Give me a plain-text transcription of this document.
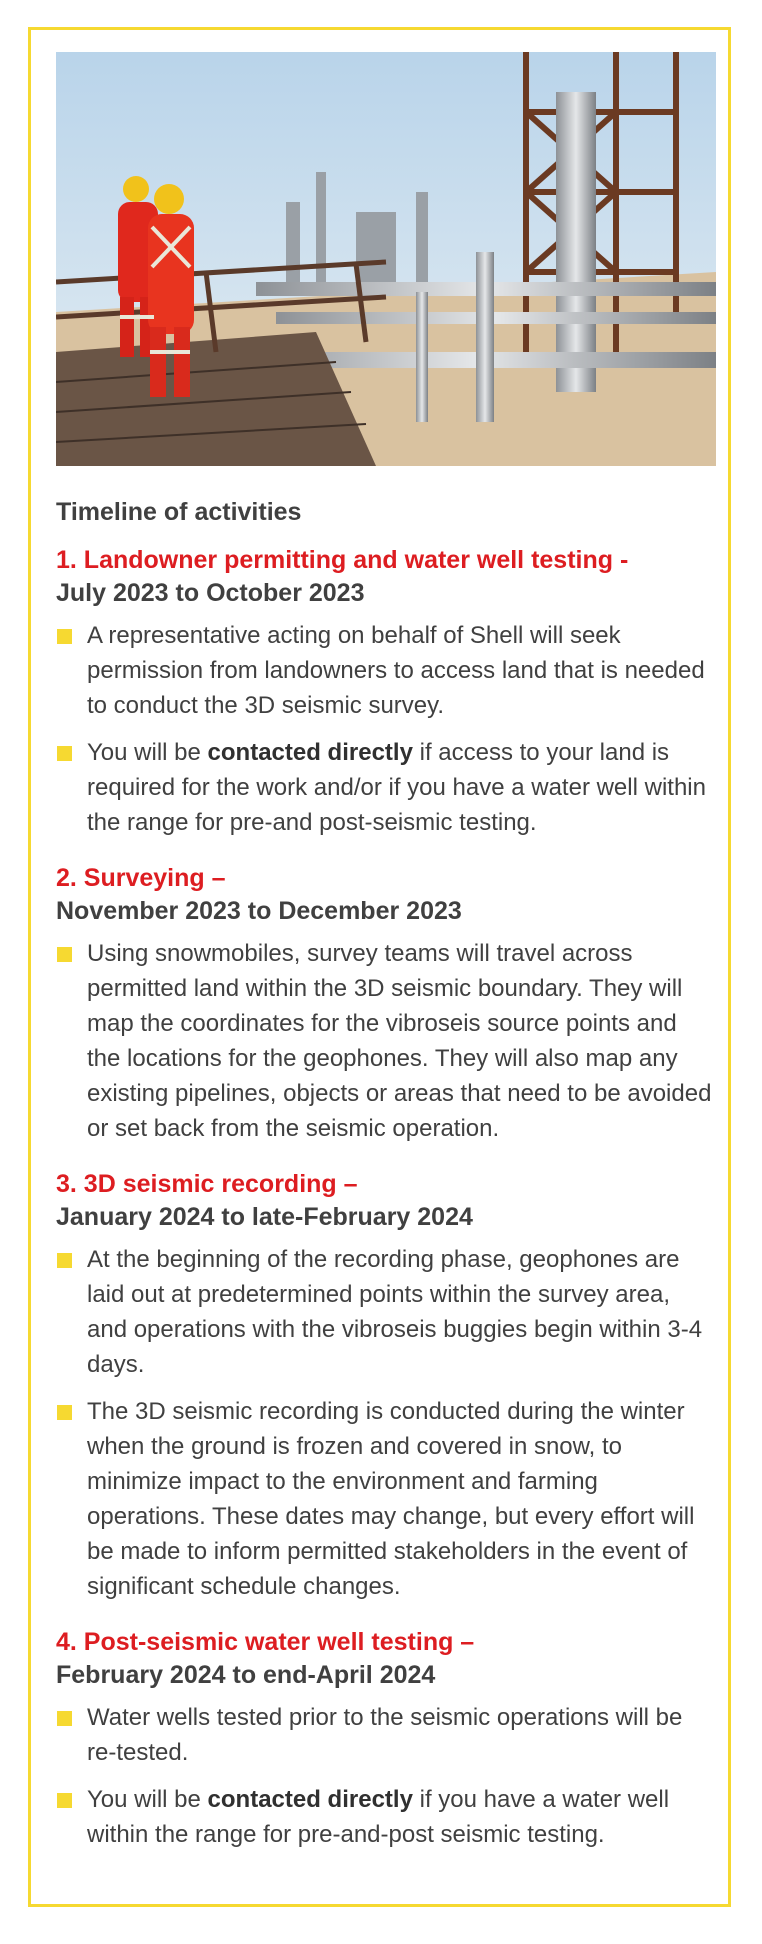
Timeline of activities
1. Landowner permitting and water well testing -
July 2023 to October 2023
A representative acting on behalf of Shell will seek permission from landowners to access land that is needed to conduct the 3D seismic survey.
You will be contacted directly if access to your land is required for the work and/or if you have a water well within the range for pre-and post-seismic testing.
2. Surveying –
November 2023 to December 2023
Using snowmobiles, survey teams will travel across permitted land within the 3D seismic boundary. They will map the coordinates for the vibroseis source points and the locations for the geophones. They will also map any existing pipelines, objects or areas that need to be avoided or set back from the seismic operation.
3. 3D seismic recording –
January 2024 to late-February 2024
At the beginning of the recording phase, geophones are laid out at predetermined points within the survey area, and operations with the vibroseis buggies begin within 3-4 days.
The 3D seismic recording is conducted during the winter when the ground is frozen and covered in snow, to minimize impact to the environment and farming operations. These dates may change, but every effort will be made to inform permitted stakeholders in the event of significant schedule changes.
4. Post-seismic water well testing –
February 2024 to end-April 2024
Water wells tested prior to the seismic operations will be re-tested.
You will be contacted directly if you have a water well within the range for pre-and-post seismic testing.
